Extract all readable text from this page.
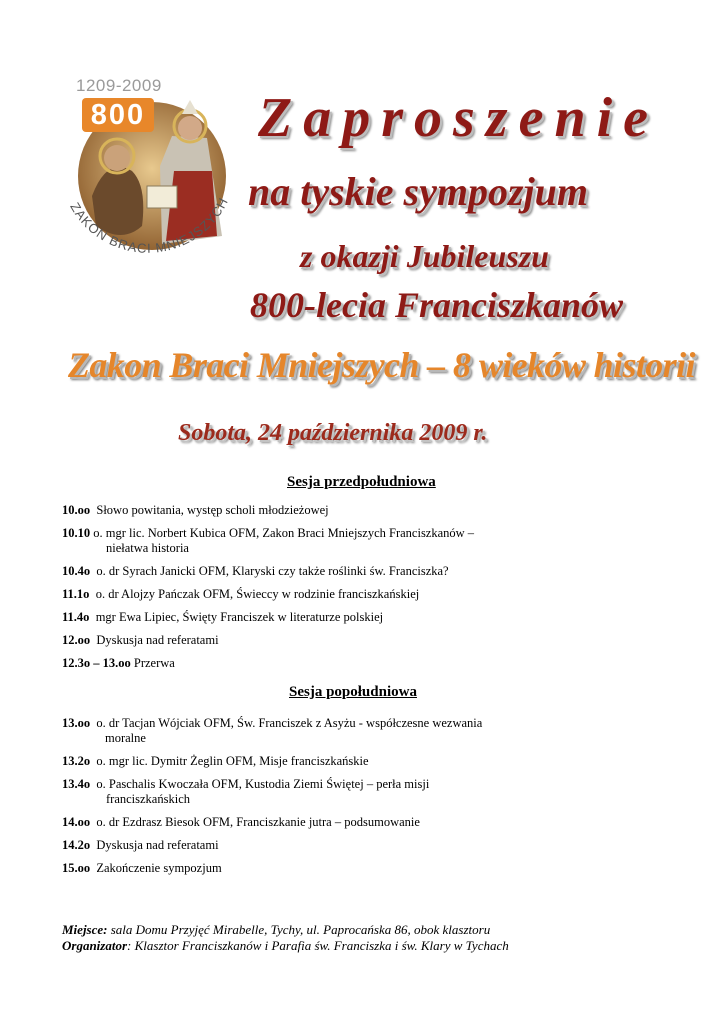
ZAKON BRACI MNIEJSZYCH
1209-2009
800 Zaproszenie
na tyskie sympozjum
z okazji Jubileuszu
800-lecia Franciszkanów
Zakon Braci Mniejszych – 8 wieków historii
Sobota, 24 października 2009 r.
Sesja przedpołudniowa
10.oo Słowo powitania, występ scholi młodzieżowej
10.10 o. mgr lic. Norbert Kubica OFM, Zakon Braci Mniejszych Franciszkanów –
niełatwa historia
10.4o o. dr Syrach Janicki OFM, Klaryski czy także roślinki św. Franciszka?
11.1o o. dr Alojzy Pańczak OFM, Świeccy w rodzinie franciszkańskiej
11.4o mgr Ewa Lipiec, Święty Franciszek w literaturze polskiej
12.oo Dyskusja nad referatami
12.3o – 13.oo Przerwa
Sesja popołudniowa
13.oo o. dr Tacjan Wójciak OFM, Św. Franciszek z Asyżu - współczesne wezwania
moralne
13.2o o. mgr lic. Dymitr Żeglin OFM, Misje franciszkańskie
13.4o o. Paschalis Kwoczała OFM, Kustodia Ziemi Świętej – perła misji
franciszkańskich
14.oo o. dr Ezdrasz Biesok OFM, Franciszkanie jutra – podsumowanie
14.2o Dyskusja nad referatami
15.oo Zakończenie sympozjum
Miejsce: sala Domu Przyjęć Mirabelle, Tychy, ul. Paprocańska 86, obok klasztoru
Organizator: Klasztor Franciszkanów i Parafia św. Franciszka i św. Klary w Tychach
